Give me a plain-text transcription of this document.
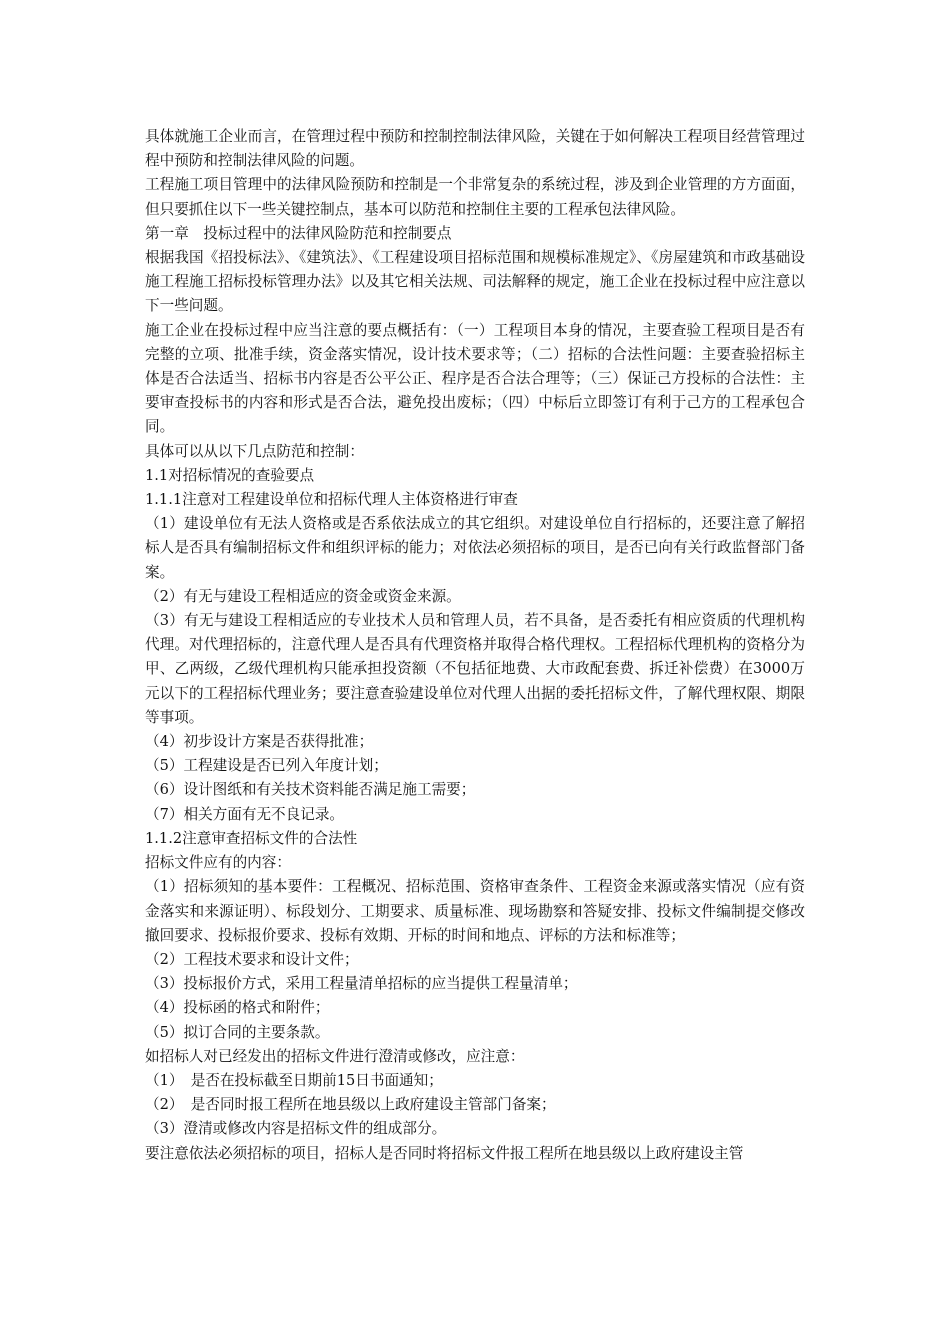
具体就施工企业而言，在管理过程中预防和控制控制法律风险，关键在于如何解决工程项目经营管理过程中预防和控制法律风险的问题。

工程施工项目管理中的法律风险预防和控制是一个非常复杂的系统过程，涉及到企业管理的方方面面，但只要抓住以下一些关键控制点，基本可以防范和控制住主要的工程承包法律风险。

第一章　投标过程中的法律风险防范和控制要点

根据我国《招投标法》、《建筑法》、《工程建设项目招标范围和规模标准规定》、《房屋建筑和市政基础设施工程施工招标投标管理办法》以及其它相关法规、司法解释的规定，施工企业在投标过程中应注意以下一些问题。

施工企业在投标过程中应当注意的要点概括有：（一）工程项目本身的情况，主要查验工程项目是否有完整的立项、批准手续，资金落实情况，设计技术要求等；（二）招标的合法性问题：主要查验招标主体是否合法适当、招标书内容是否公平公正、程序是否合法合理等；（三）保证己方投标的合法性：主要审查投标书的内容和形式是否合法，避免投出废标；（四）中标后立即签订有利于己方的工程承包合同。

具体可以从以下几点防范和控制：

1.1对招标情况的查验要点

1.1.1注意对工程建设单位和招标代理人主体资格进行审查

（1）建设单位有无法人资格或是否系依法成立的其它组织。对建设单位自行招标的，还要注意了解招标人是否具有编制招标文件和组织评标的能力；对依法必须招标的项目，是否已向有关行政监督部门备案。

（2）有无与建设工程相适应的资金或资金来源。

（3）有无与建设工程相适应的专业技术人员和管理人员，若不具备，是否委托有相应资质的代理机构代理。对代理招标的，注意代理人是否具有代理资格并取得合格代理权。工程招标代理机构的资格分为甲、乙两级，乙级代理机构只能承担投资额（不包括征地费、大市政配套费、拆迁补偿费）在3000万元以下的工程招标代理业务；要注意查验建设单位对代理人出据的委托招标文件，了解代理权限、期限等事项。

（4）初步设计方案是否获得批准；

（5）工程建设是否已列入年度计划；

（6）设计图纸和有关技术资料能否满足施工需要；

（7）相关方面有无不良记录。

1.1.2注意审查招标文件的合法性

招标文件应有的内容：

（1）招标须知的基本要件：工程概况、招标范围、资格审查条件、工程资金来源或落实情况（应有资金落实和来源证明）、标段划分、工期要求、质量标准、现场勘察和答疑安排、投标文件编制提交修改撤回要求、投标报价要求、投标有效期、开标的时间和地点、评标的方法和标准等；

（2）工程技术要求和设计文件；

（3）投标报价方式，采用工程量清单招标的应当提供工程量清单；

（4）投标函的格式和附件；

（5）拟订合同的主要条款。

如招标人对已经发出的招标文件进行澄清或修改，应注意：

（1）　是否在投标截至日期前15日书面通知；

（2）　是否同时报工程所在地县级以上政府建设主管部门备案；

（3）澄清或修改内容是招标文件的组成部分。

要注意依法必须招标的项目，招标人是否同时将招标文件报工程所在地县级以上政府建设主管
